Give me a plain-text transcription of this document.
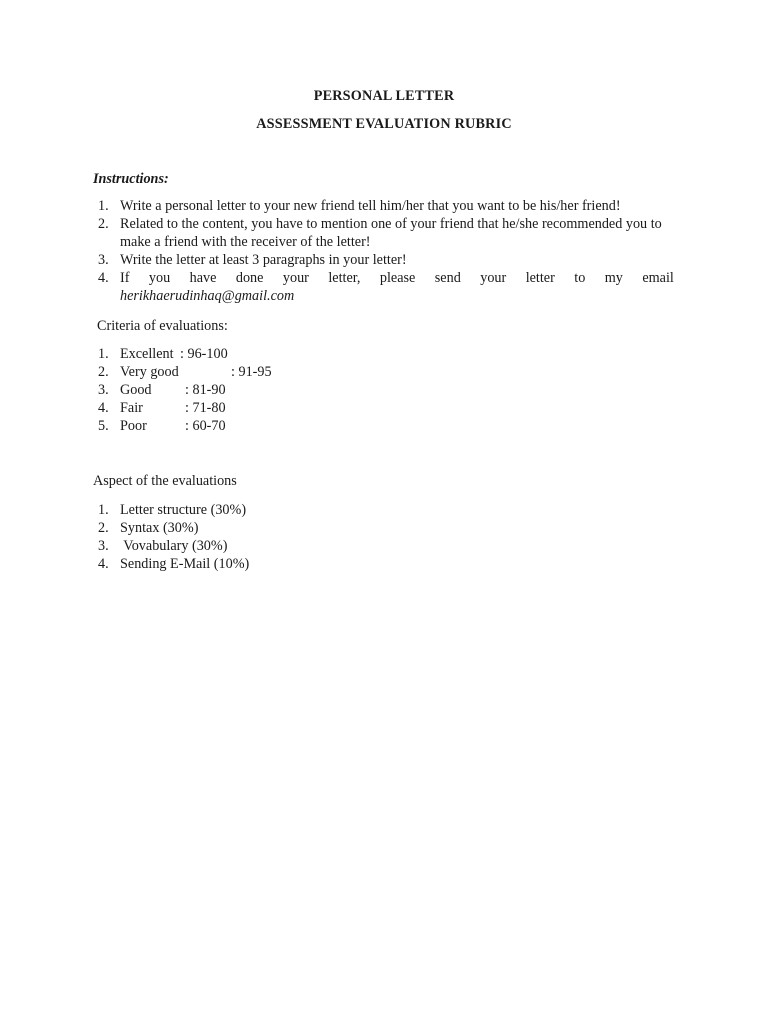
PERSONAL LETTER
ASSESSMENT EVALUATION RUBRIC
Instructions:
1. Write a personal letter to your new friend tell him/her that you want to be his/her friend!
2. Related to the content, you have to mention one of your friend that he/she recommended you to make a friend with the receiver of the letter!
3. Write the letter at least 3 paragraphs in your letter!
4. If you have done your letter, please send your letter to my email
herikhaerudinhaq@gmail.com
Criteria of evaluations:
1. Excellent : 96-100
2. Very good	: 91-95
3. Good : 81-90
4. Fair	: 71-80
5. Poor	: 60-70
Aspect of the evaluations
1. Letter structure (30%)
2. Syntax (30%)
3. Vovabulary (30%)
4. Sending E-Mail (10%)
